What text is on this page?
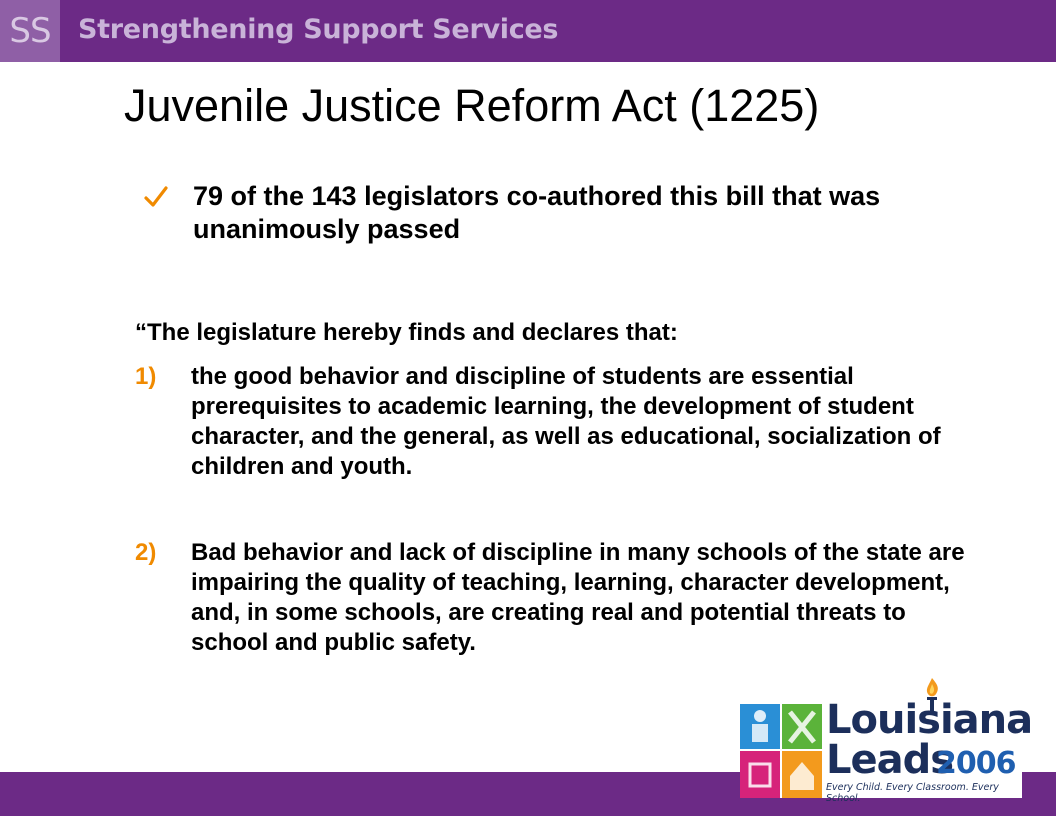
SS Strengthening Support Services
Juvenile Justice Reform Act (1225)
79 of the 143 legislators co-authored this bill that was unanimously passed
“The legislature hereby finds and declares that:
1) the good behavior and discipline of students are essential prerequisites to academic learning, the development of student character, and the general, as well as educational, socialization of children and youth.
2) Bad behavior and lack of discipline in many schools of the state are impairing the quality of teaching, learning, character development, and, in some schools, are creating real and potential threats to school and public safety.
Louisiana
Leads
2006
Every Child. Every Classroom. Every School.
